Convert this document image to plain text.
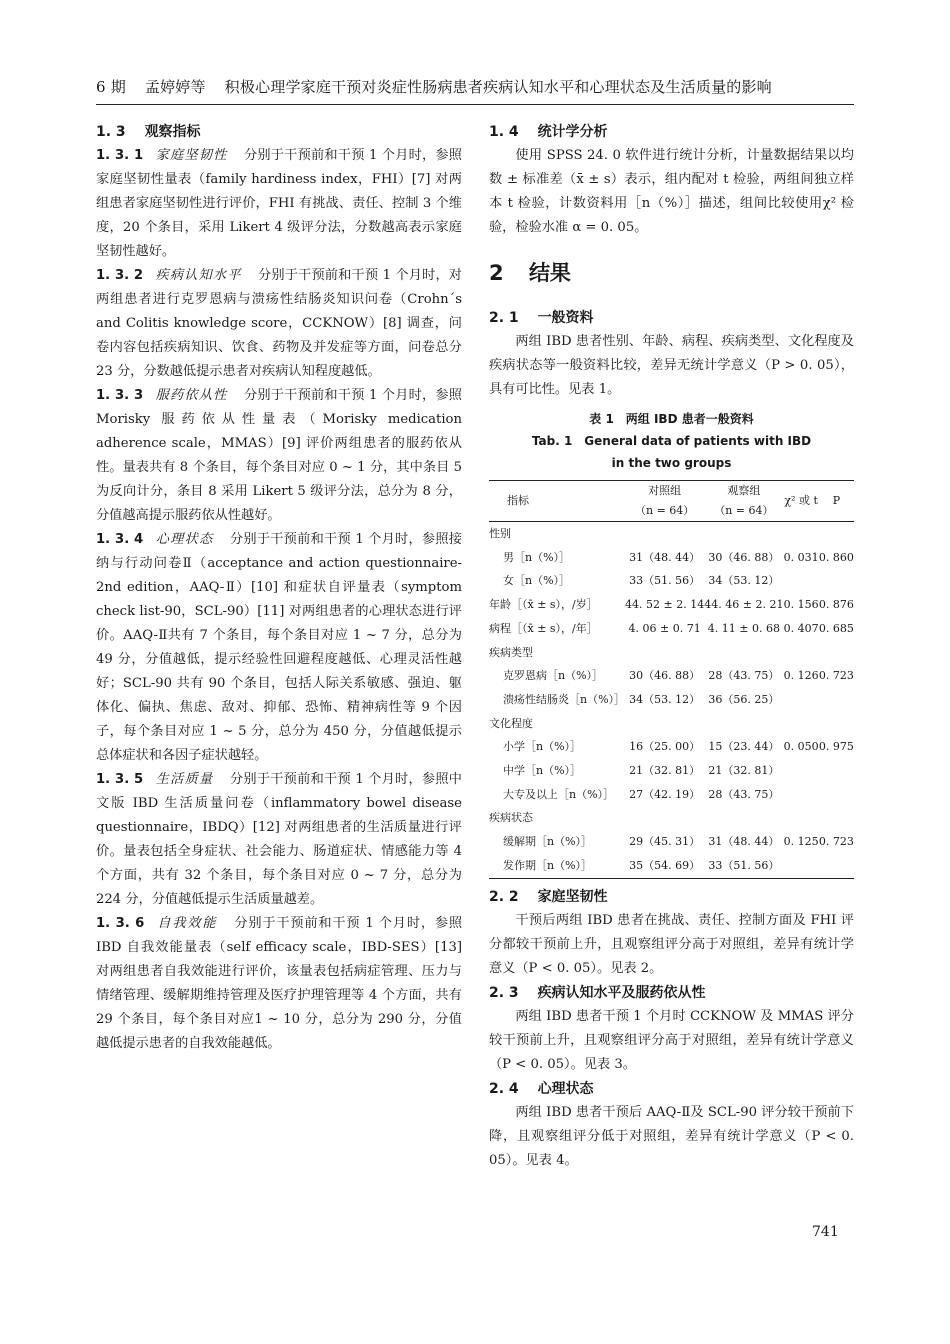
6 期 孟婷婷等 积极心理学家庭干预对炎症性肠病患者疾病认知水平和心理状态及生活质量的影响
1. 3 观察指标

1. 3. 1 家庭坚韧性 分别于干预前和干预 1 个月时，参照家庭坚韧性量表（family hardiness index，FHI）[7] 对两组患者家庭坚韧性进行评价，FHI 有挑战、责任、控制 3 个维度，20 个条目，采用 Likert 4 级评分法，分数越高表示家庭坚韧性越好。

1. 3. 2 疾病认知水平 分别于干预前和干预 1 个月时，对两组患者进行克罗恩病与溃疡性结肠炎知识问卷（Crohn´s and Colitis knowledge score，CCKNOW）[8] 调查，问卷内容包括疾病知识、饮食、药物及并发症等方面，问卷总分 23 分，分数越低提示患者对疾病认知程度越低。

1. 3. 3 服药依从性 分别于干预前和干预 1 个月时，参照 Morisky 服药依从性量表（Morisky medication adherence scale，MMAS）[9] 评价两组患者的服药依从性。量表共有 8 个条目，每个条目对应 0 ~ 1 分，其中条目 5 为反向计分，条目 8 采用 Likert 5 级评分法，总分为 8 分，分值越高提示服药依从性越好。

1. 3. 4 心理状态 分别于干预前和干预 1 个月时，参照接纳与行动问卷Ⅱ（acceptance and action questionnaire-2nd edition，AAQ-Ⅱ）[10] 和症状自评量表（symptom check list-90，SCL-90）[11] 对两组患者的心理状态进行评价。AAQ-Ⅱ共有 7 个条目，每个条目对应 1 ~ 7 分，总分为 49 分，分值越低，提示经验性回避程度越低、心理灵活性越好；SCL-90 共有 90 个条目，包括人际关系敏感、强迫、躯体化、偏执、焦虑、敌对、抑郁、恐怖、精神病性等 9 个因子，每个条目对应 1 ~ 5 分，总分为 450 分，分值越低提示总体症状和各因子症状越轻。

1. 3. 5 生活质量 分别于干预前和干预 1 个月时，参照中文版 IBD 生活质量问卷（inflammatory bowel disease questionnaire，IBDQ）[12] 对两组患者的生活质量进行评价。量表包括全身症状、社会能力、肠道症状、情感能力等 4 个方面，共有 32 个条目，每个条目对应 0 ~ 7 分，总分为 224 分，分值越低提示生活质量越差。

1. 3. 6 自我效能 分别于干预前和干预 1 个月时，参照 IBD 自我效能量表（self efficacy scale，IBD-SES）[13] 对两组患者自我效能进行评价，该量表包括病症管理、压力与情绪管理、缓解期维持管理及医疗护理管理等 4 个方面，共有 29 个条目，每个条目对应1 ~ 10 分，总分为 290 分，分值越低提示患者的自我效能越低。

1. 4 统计学分析

使用 SPSS 24. 0 软件进行统计分析，计量数据结果以均数 ± 标准差（x̄ ± s）表示，组内配对 t 检验，两组间独立样本 t 检验，计数资料用［n（%）］描述，组间比较使用χ² 检验，检验水准 α = 0. 05。

2 结果
2. 1 一般资料

两组 IBD 患者性别、年龄、病程、疾病类型、文化程度及疾病状态等一般资料比较，差异无统计学意义（P > 0. 05），具有可比性。见表 1。

表 1　两组 IBD 患者一般资料
Tab. 1　General data of patients with IBD
in the two groups
指标	对照组	观察组	χ² 或 t	P
	（n = 64）	（n = 64）		
性别				
男［n（%）］	31（48. 44）	30（46. 88）	0. 031	0. 860
女［n（%）］	33（51. 56）	34（53. 12）		
年龄［（x̄ ± s），/岁］	44. 52 ± 2. 14	44. 46 ± 2. 21	0. 156	0. 876
病程［（x̄ ± s），/年］	4. 06 ± 0. 71	4. 11 ± 0. 68	0. 407	0. 685
疾病类型				
克罗恩病［n（%）］	30（46. 88）	28（43. 75）	0. 126	0. 723
溃疡性结肠炎［n（%）］	34（53. 12）	36（56. 25）		
文化程度				
小学［n（%）］	16（25. 00）	15（23. 44）	0. 050	0. 975
中学［n（%）］	21（32. 81）	21（32. 81）		
大专及以上［n（%）］	27（42. 19）	28（43. 75）		
疾病状态				
缓解期［n（%）］	29（45. 31）	31（48. 44）	0. 125	0. 723
发作期［n（%）］	35（54. 69）	33（51. 56）		
2. 2 家庭坚韧性

干预后两组 IBD 患者在挑战、责任、控制方面及 FHI 评分都较干预前上升，且观察组评分高于对照组，差异有统计学意义（P < 0. 05）。见表 2。

2. 3 疾病认知水平及服药依从性

两组 IBD 患者干预 1 个月时 CCKNOW 及 MMAS 评分较干预前上升，且观察组评分高于对照组，差异有统计学意义（P < 0. 05）。见表 3。

2. 4 心理状态

两组 IBD 患者干预后 AAQ-Ⅱ及 SCL-90 评分较干预前下降，且观察组评分低于对照组，差异有统计学意义（P < 0. 05）。见表 4。

741
